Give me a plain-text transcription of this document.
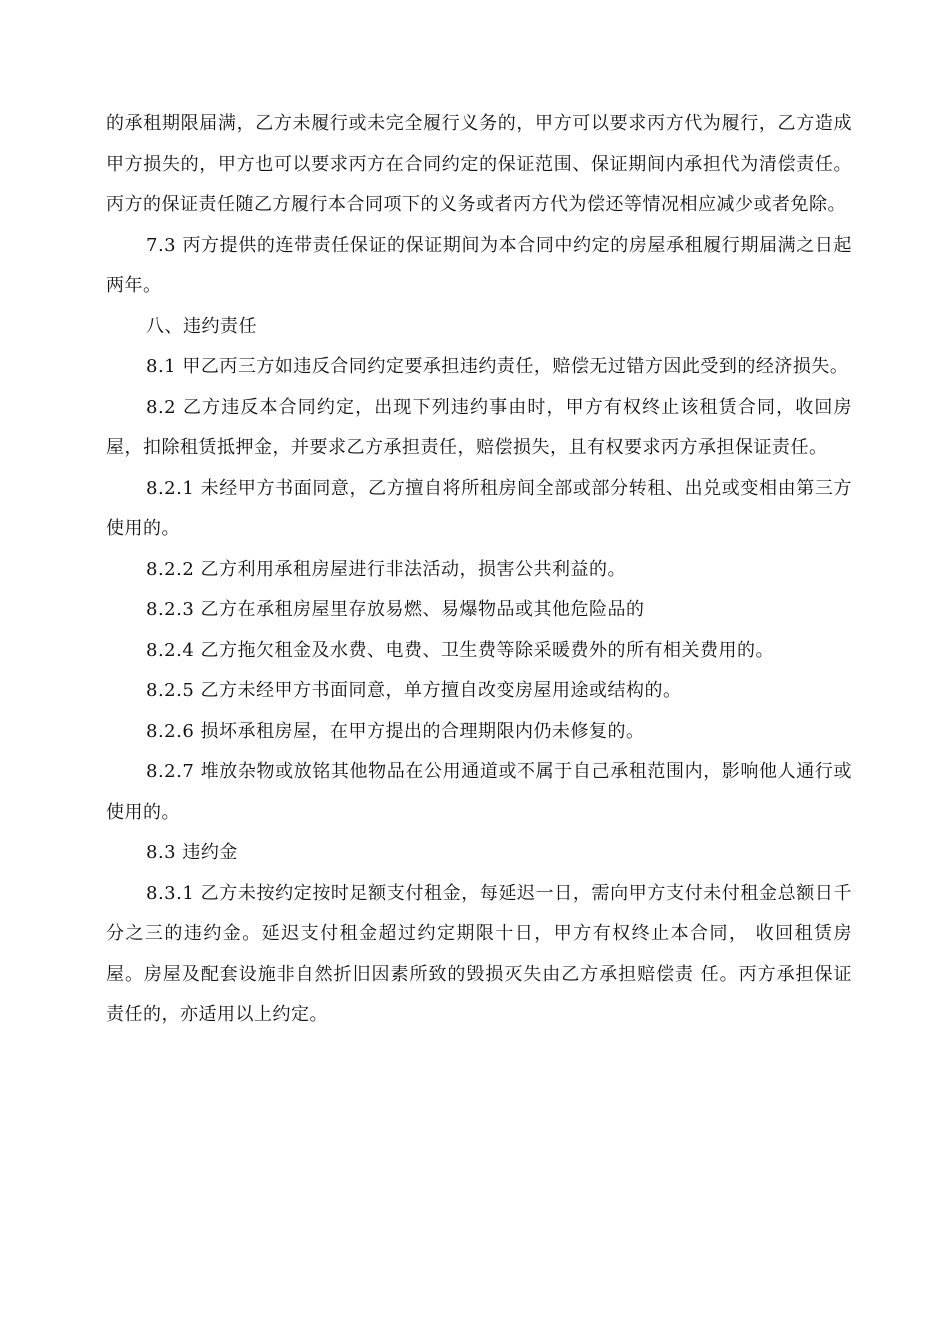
的承租期限届满，乙方未履行或未完全履行义务的，甲方可以要求丙方代为履行，乙方造成甲方损失的，甲方也可以要求丙方在合同约定的保证范围、保证期间内承担代为清偿责任。丙方的保证责任随乙方履行本合同项下的义务或者丙方代为偿还等情况相应减少或者免除。

7.3 丙方提供的连带责任保证的保证期间为本合同中约定的房屋承租履行期届满之日起两年。

八、违约责任

8.1 甲乙丙三方如违反合同约定要承担违约责任，赔偿无过错方因此受到的经济损失。

8.2 乙方违反本合同约定，出现下列违约事由时，甲方有权终止该租赁合同，收回房屋，扣除租赁抵押金，并要求乙方承担责任，赔偿损失，且有权要求丙方承担保证责任。

8.2.1 未经甲方书面同意，乙方擅自将所租房间全部或部分转租、出兑或变相由第三方使用的。

8.2.2 乙方利用承租房屋进行非法活动，损害公共利益的。

8.2.3 乙方在承租房屋里存放易燃、易爆物品或其他危险品的

8.2.4 乙方拖欠租金及水费、电费、卫生费等除采暖费外的所有相关费用的。

8.2.5 乙方未经甲方书面同意，单方擅自改变房屋用途或结构的。

8.2.6 损坏承租房屋，在甲方提出的合理期限内仍未修复的。

8.2.7 堆放杂物或放铭其他物品在公用通道或不属于自己承租范围内，影响他人通行或使用的。

8.3 违约金

8.3.1 乙方未按约定按时足额支付租金，每延迟一日，需向甲方支付未付租金总额日千分之三的违约金。延迟支付租金超过约定期限十日，甲方有权终止本合同， 收回租赁房屋。房屋及配套设施非自然折旧因素所致的毁损灭失由乙方承担赔偿责 任。丙方承担保证责任的，亦适用以上约定。
